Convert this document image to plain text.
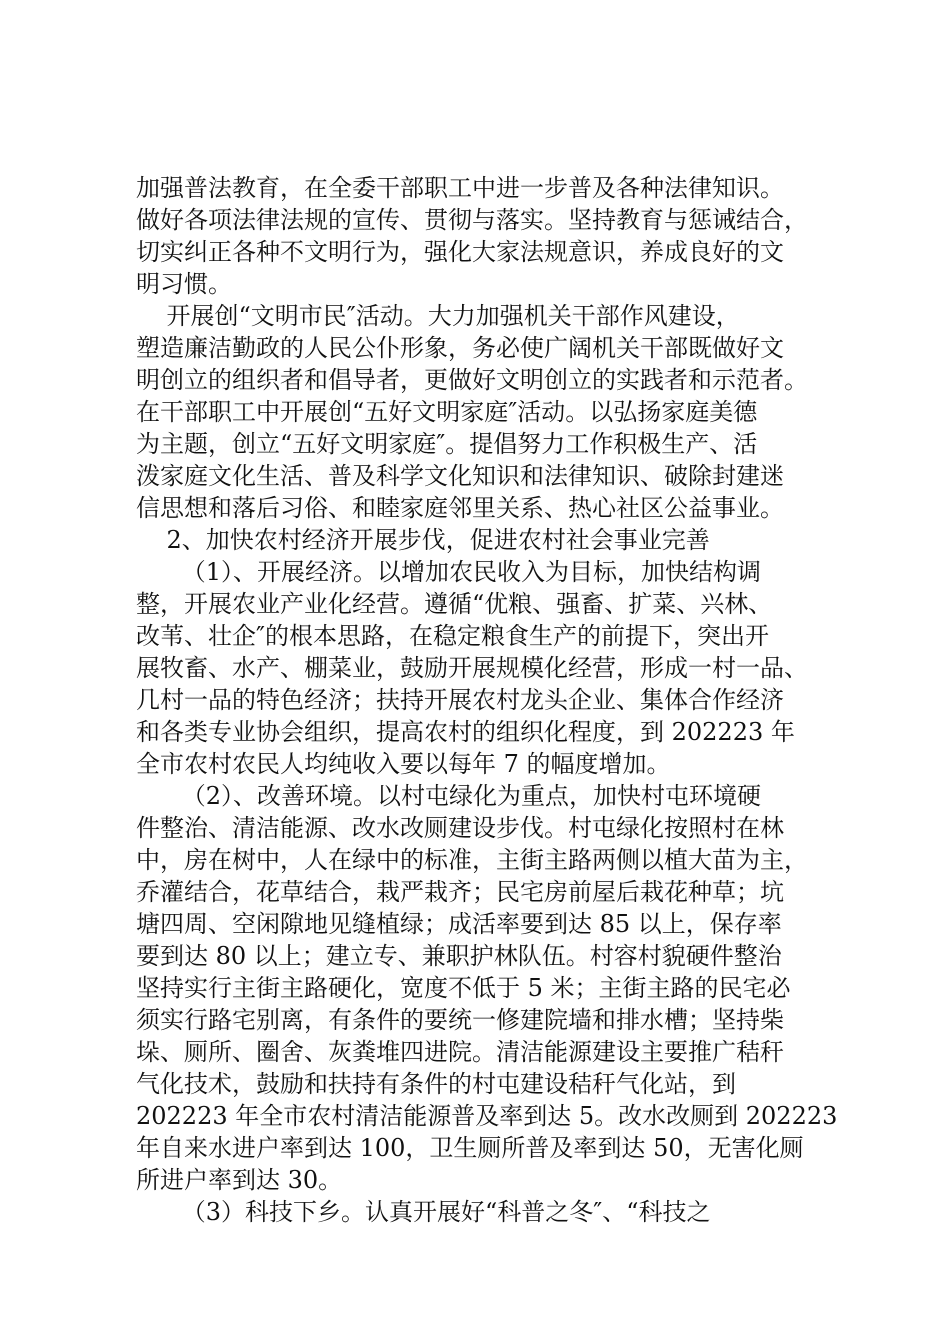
加强普法教育，在全委干部职工中进一步普及各种法律知识。
做好各项法律法规的宣传、贯彻与落实。坚持教育与惩诫结合，
切实纠正各种不文明行为，强化大家法规意识，养成良好的文
明习惯。
开展创“文明市民″活动。大力加强机关干部作风建设，
塑造廉洁勤政的人民公仆形象，务必使广阔机关干部既做好文
明创立的组织者和倡导者，更做好文明创立的实践者和示范者。
在干部职工中开展创“五好文明家庭″活动。以弘扬家庭美德
为主题，创立“五好文明家庭″。提倡努力工作积极生产、活
泼家庭文化生活、普及科学文化知识和法律知识、破除封建迷
信思想和落后习俗、和睦家庭邻里关系、热心社区公益事业。
2、加快农村经济开展步伐，促进农村社会事业完善
（1）、开展经济。以增加农民收入为目标，加快结构调
整，开展农业产业化经营。遵循“优粮、强畜、扩菜、兴林、
改苇、壮企″的根本思路，在稳定粮食生产的前提下，突出开
展牧畜、水产、棚菜业，鼓励开展规模化经营，形成一村一品、
几村一品的特色经济；扶持开展农村龙头企业、集体合作经济
和各类专业协会组织，提高农村的组织化程度，到 202223 年
全市农村农民人均纯收入要以每年 7 的幅度增加。
（2）、改善环境。以村屯绿化为重点，加快村屯环境硬
件整治、清洁能源、改水改厕建设步伐。村屯绿化按照村在林
中，房在树中，人在绿中的标准，主街主路两侧以植大苗为主，
乔灌结合，花草结合，栽严栽齐；民宅房前屋后栽花种草；坑
塘四周、空闲隙地见缝植绿；成活率要到达 85 以上，保存率
要到达 80 以上；建立专、兼职护林队伍。村容村貌硬件整治
坚持实行主街主路硬化，宽度不低于 5 米；主街主路的民宅必
须实行路宅别离，有条件的要统一修建院墙和排水槽；坚持柴
垛、厕所、圈舍、灰粪堆四进院。清洁能源建设主要推广秸秆
气化技术，鼓励和扶持有条件的村屯建设秸秆气化站，到
202223 年全市农村清洁能源普及率到达 5。改水改厕到 202223
年自来水进户率到达 100，卫生厕所普及率到达 50，无害化厕
所进户率到达 30。
（3）科技下乡。认真开展好“科普之冬″、“科技之
